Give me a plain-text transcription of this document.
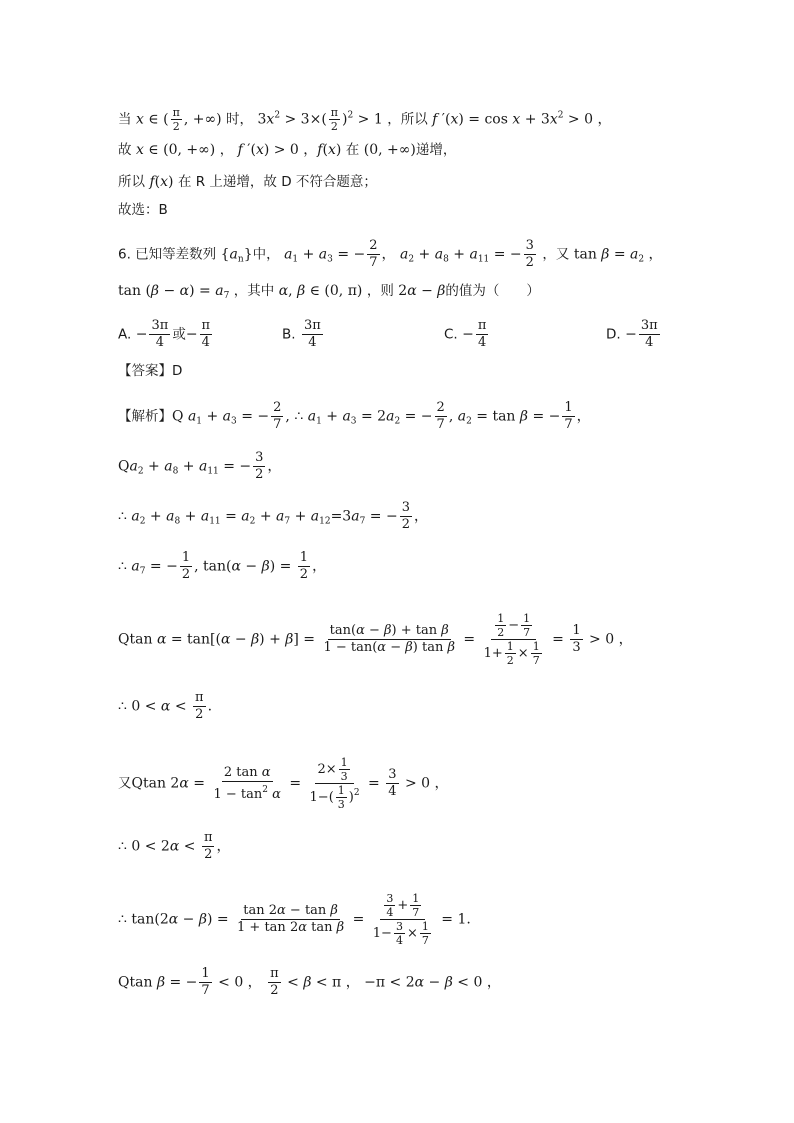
当 x ∈ ( $\frac{\pi}{2}$ , +∞) 时， $3x^2 > 3\times( \frac{\pi}{2} )^2 > 1$ ，所以 f $'(x) = \cos x + 3x^2 > 0$ ，
故 x ∈ (0, +∞) ， f ′(x) > 0 ，f(x) 在 (0, +∞)递增，
所以 f(x) 在 R 上递增，故 D 不符合题意；
故选：B
6. 已知等差数列 $\{a_n\}$中， $a_1 + a_3$ = − $\frac{2}{7}$ ， $a_2 + a_8 + a_{11}$ = − $\frac{3}{2}$ ，又 $\tan \beta = a_2$ ，
$\tan (\beta - \alpha) = a_7$ ，其中 α, β ∈ (0, π) ，则 2α − β的值为（　　）
A. − $\frac{3\pi}{4}$ 或− $\frac{\pi}{4}$	B. $\frac{3\pi}{4}$	C. − $\frac{\pi}{4}$	D. − $\frac{3\pi}{4}$
【答案】D
【解析】Q $a_1 + a_3$ = − $\frac{2}{7}$ , ∴ $a_1 + a_3 = 2a_2$ = − $\frac{2}{7}$ , $a_2 = \tan \beta$ = − $\frac{1}{7}$ ，
$Qa_2 + a_8 + a_{11}$ = − $\frac{3}{2}$ ，
∴ $a_2 + a_8 + a_{11} = a_2 + a_7 + a_{12}=3a_7$ = − $\frac{3}{2}$ ，
∴ $a_7$ = − $\frac{1}{2}$ , $\tan(\alpha - \beta) = \frac{1}{2}$ ，
Qtan $\alpha = \tan[(\alpha - \beta) + \beta] = \frac{\text{tan(α − β) + tan β}}{\text{1 − tan(α − β) tan β}} = \frac{\frac{1}{2} - \frac{1}{7}}{1+ \frac{1}{2} \times \frac{1}{7}} = \frac{1}{3} > 0$ ，
∴ $0 < \alpha < \frac{\pi}{2}$ .
又Qtan $2\alpha = \frac{\text{2 tan α}}{1 - \tan^2 \alpha} = \frac{2\times \frac{1}{3}}{1-( \frac{1}{3} )^2} = \frac{3}{4} > 0$ ，
∴ $0 < 2\alpha < \frac{\pi}{2}$ ，
∴ $\tan(2\alpha - \beta) = \frac{\text{tan 2α − tan β}}{\text{1 + tan 2α tan β}} = \frac{\frac{3}{4} + \frac{1}{7}}{1- \frac{3}{4} \times \frac{1}{7}} = 1$.
Qtan β = − $\frac{1}{7} < 0$ ， $\frac{\pi}{2} < \beta < \pi$ ， −π < 2α − β < 0 ，
